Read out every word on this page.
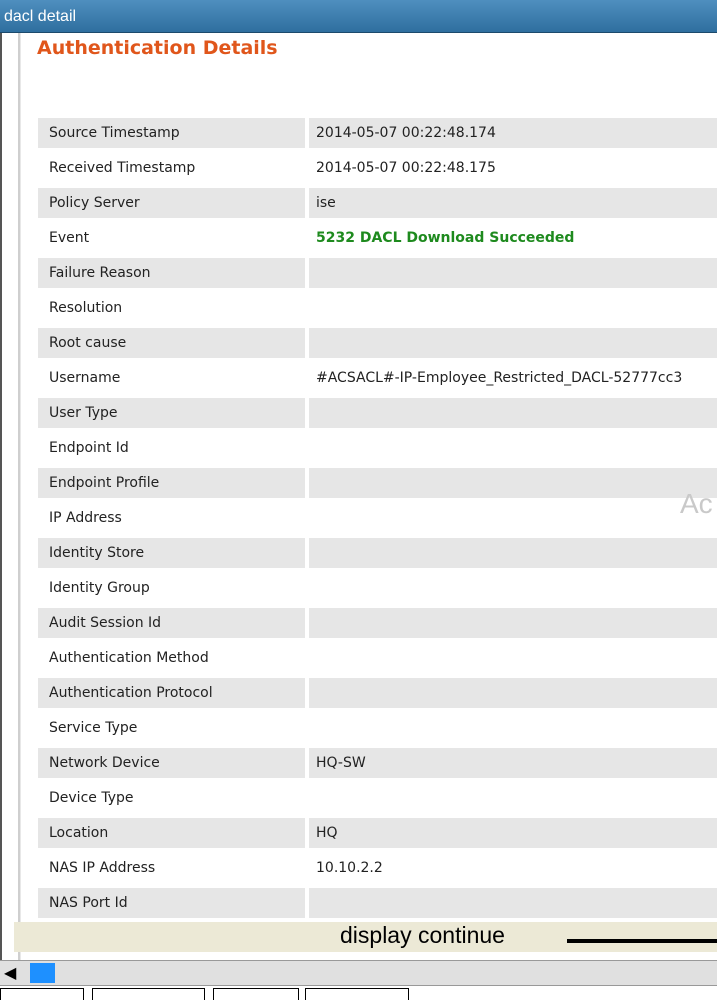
dacl detail
Authentication Details
Source Timestamp	2014-05-07 00:22:48.174
Received Timestamp	2014-05-07 00:22:48.175
Policy Server	ise
Event	5232 DACL Download Succeeded
Failure Reason
Resolution
Root cause
Username	#ACSACL#-IP-Employee_Restricted_DACL-52777cc3
User Type
Endpoint Id
Endpoint Profile
IP Address
Identity Store
Identity Group
Audit Session Id
Authentication Method
Authentication Protocol
Service Type
Network Device	HQ-SW
Device Type
Location	HQ
NAS IP Address	10.10.2.2
NAS Port Id
Ac
display continue
◀
